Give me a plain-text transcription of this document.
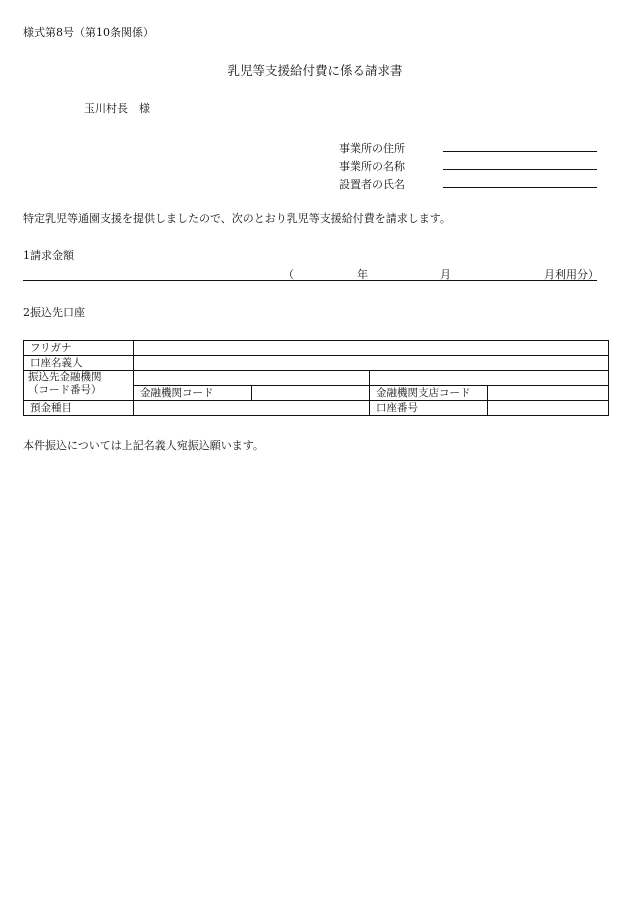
様式第8号（第10条関係）
乳児等支援給付費に係る請求書
玉川村長　様
事業所の住所
事業所の名称
設置者の氏名
特定乳児等通園支援を提供しましたので、次のとおり乳児等支援給付費を請求します。
1請求金額
（	年	月	月利用分）
2振込先口座
フリガナ				
口座名義人				
振込先金融機関
（コード番号）				
	金融機関コード		金融機関支店コード	
預金種目			口座番号	
本件振込については上記名義人宛振込願います。
